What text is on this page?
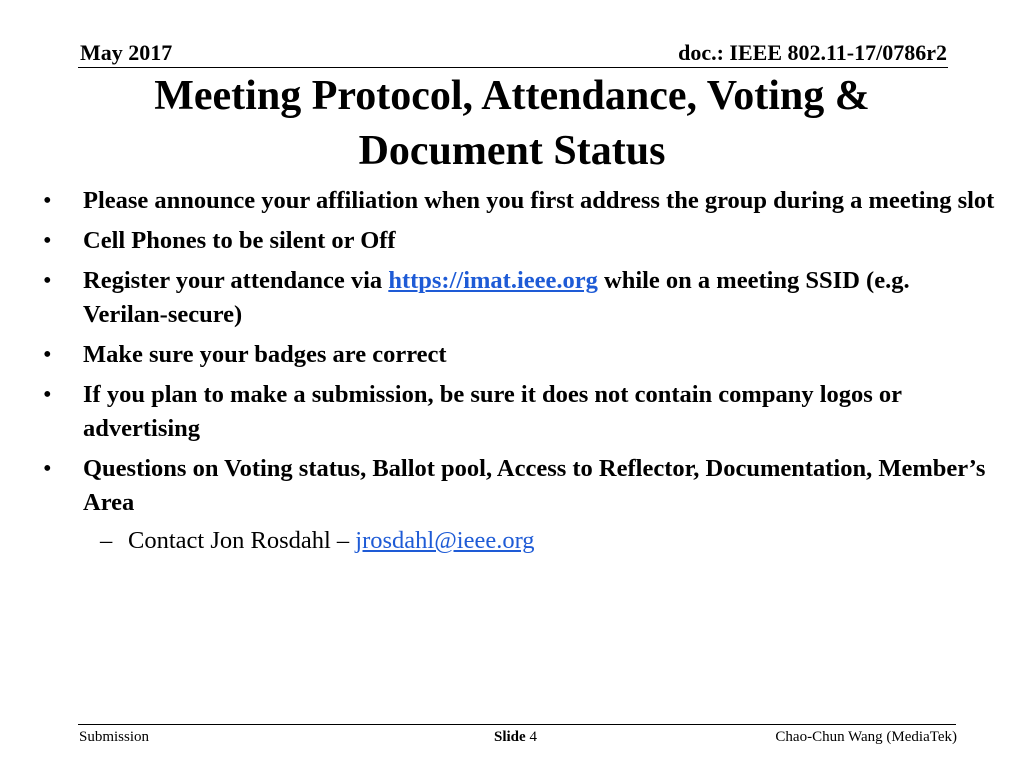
May 2017	doc.: IEEE 802.11-17/0786r2
Meeting Protocol, Attendance, Voting &
Document Status
• Please announce your affiliation when you first address the group during a meeting slot
• Cell Phones to be silent or Off
• Register your attendance via https://imat.ieee.org while on a meeting SSID (e.g. Verilan-secure)
• Make sure your badges are correct
• If you plan to make a submission, be sure it does not contain company logos or advertising
• Questions on Voting status, Ballot pool, Access to Reflector, Documentation, Member’s Area
– Contact Jon Rosdahl – jrosdahl@ieee.org
Submission	Slide 4	Chao-Chun Wang (MediaTek)
